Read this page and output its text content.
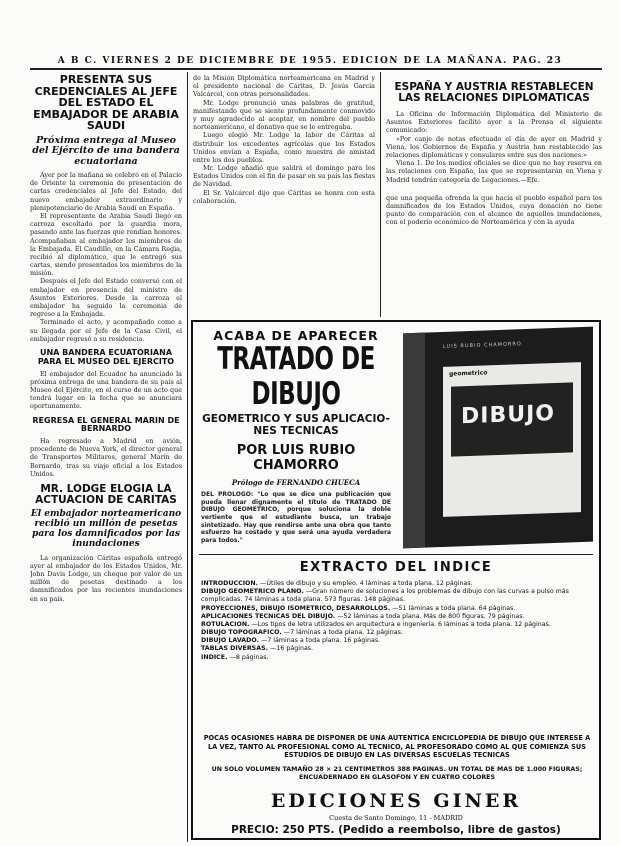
A B C. VIERNES 2 DE DICIEMBRE DE 1955. EDICION DE LA MAÑANA. PAG. 23
PRESENTA SUS CREDENCIALES AL JEFE DEL ESTADO EL EMBAJADOR DE ARABIA SAUDI
Próxima entrega al Museo del Ejército de una bandera ecuatoriana

Ayer por la mañana se celebró en el Palacio de Oriente la ceremonia de presentación de cartas credenciales al Jefe del Estado, del nuevo embajador extraordinario y plenipotenciario de Arabia Saudí en España.

El representante de Arabia Saudí llegó en carroza escoltado por la guardia mora, pasando ante las fuerzas que rendían honores. Acompañaban al embajador los miembros de la Embajada. El Caudillo, en la Cámara Regia, recibió al diplomático, que le entregó sus cartas, siendo presentados los miembros de la misión.

Después el Jefe del Estado conversó con el embajador en presencia del ministro de Asuntos Exteriores. Desde la carroza el embajador ha seguido la ceremonia de regreso a la Embajada.

Terminado el acto, y acompañado como a su llegada por el Jefe de la Casa Civil, el embajador regresó a su residencia.

UNA BANDERA ECUATORIANA PARA EL MUSEO DEL EJERCITO

El embajador del Ecuador ha anunciado la próxima entrega de una bandera de su país al Museo del Ejército, en el curso de un acto que tendrá lugar en la fecha que se anunciará oportunamente.

REGRESA EL GENERAL MARIN DE BERNARDO

Ha regresado a Madrid en avión, procedente de Nueva York, el director general de Transportes Militares, general Marín de Bernardo, tras su viaje oficial a los Estados Unidos.

MR. LODGE ELOGIA LA ACTUACION DE CARITAS
El embajador norteamericano recibió un millón de pesetas para los damnificados por las inundaciones

La organización Cáritas española entregó ayer al embajador de los Estados Unidos, Mr. John Davis Lodge, un cheque por valor de un millón de pesetas destinado a los damnificados por las recientes inundaciones en su país.

de la Misión Diplomática norteamericana en Madrid y el presidente nacional de Cáritas, D. Jesús García Valcárcel, con otras personalidades.

Mr. Lodge pronunció unas palabras de gratitud, manifestando que se siente profundamente conmovido y muy agradecido al aceptar, en nombre del pueblo norteamericano, el donativo que se le entregaba.

Luego elogió Mr. Lodge la labor de Cáritas al distribuir los excedentes agrícolas que los Estados Unidos envían a España, como muestra de amistad entre los dos pueblos.

Mr. Lodge añadió que saldrá el domingo para los Estados Unidos con el fin de pasar en su país las fiestas de Navidad.

El Sr. Valcárcel dijo que Cáritas se honra con esta colaboración.

ESPAÑA Y AUSTRIA RESTABLECEN LAS RELACIONES DIPLOMATICAS

La Oficina de Información Diplomática del Ministerio de Asuntos Exteriores facilitó ayer a la Prensa el siguiente comunicado:

«Por canje de notas efectuado el día de ayer en Madrid y Viena, los Gobiernos de España y Austria han restablecido las relaciones diplomáticas y consulares entre sus dos naciones.»

Viena 1. De los medios oficiales se dice que no hay reserva en las relaciones con España, las que se representarán en Viena y Madrid tendrán categoría de Legaciones.—Efe.

que una pequeña ofrenda la que hacía el pueblo español para los damnificados de los Estados Unidos, cuya donación no tiene punto de comparación con el alcance de aquellos inundaciones, con el poderío económico de Norteamérica y con la ayuda

ACABA DE APARECER
TRATADO DE DIBUJO
GEOMETRICO Y SUS APLICACIO-
NES TECNICAS
POR LUIS RUBIO CHAMORRO
Prólogo de FERNANDO CHUECA

DEL PROLOGO: "Lo que se dice una publicación que pueda llenar dignamente el título de TRATADO DE DIBUJO GEOMETRICO, porque soluciona la doble vertiente que el estudiante busca, un trabajo sintetizado. Hay que rendirse ante una obra que tanto esfuerzo ha costado y que será una ayuda verdadera para todos."

LUIS RUBIO CHAMORRO
geometrico
DIBUJO
EXTRACTO DEL INDICE
INTRODUCCION. —Útiles de dibujo y su empleo. 4 láminas a toda plana. 12 páginas.
DIBUJO GEOMETRICO PLANO. —Gran número de soluciones a los problemas de dibujo con las curvas a pulso más complicadas. 74 láminas a toda plana. 573 figuras. 148 páginas.
PROYECCIONES, DIBUJO ISOMETRICO, DESARROLLOS. —51 láminas a toda plana. 64 páginas.
APLICACIONES TECNICAS DEL DIBUJO. —52 láminas a toda plana. Más de 800 figuras. 79 páginas.
ROTULACION. —Los tipos de letra utilizados en arquitectura e ingeniería. 6 láminas a toda plana. 12 páginas.
DIBUJO TOPOGRAFICO. —7 láminas a toda plana. 12 páginas.
DIBUJO LAVADO. —7 láminas a toda plana. 16 páginas.
TABLAS DIVERSAS. —16 páginas.
INDICE. —8 páginas.
POCAS OCASIONES HABRA DE DISPONER DE UNA AUTENTICA ENCICLOPEDIA DE DIBUJO QUE INTERESE A LA VEZ, TANTO AL PROFESIONAL COMO AL TECNICO, AL PROFESORADO COMO AL QUE COMIENZA SUS ESTUDIOS DE DIBUJO EN LAS DIVERSAS ESCUELAS TECNICAS
UN SOLO VOLUMEN TAMAÑO 28 × 21 CENTIMETROS 388 PAGINAS. UN TOTAL DE MAS DE 1.000 FIGURAS; ENCUADERNADO EN GLASOFON Y EN CUATRO COLORES
EDICIONES GINER
Cuesta de Santo Domingo, 11 - MADRID
PRECIO: 250 PTS. (Pedido a reembolso, libre de gastos)
